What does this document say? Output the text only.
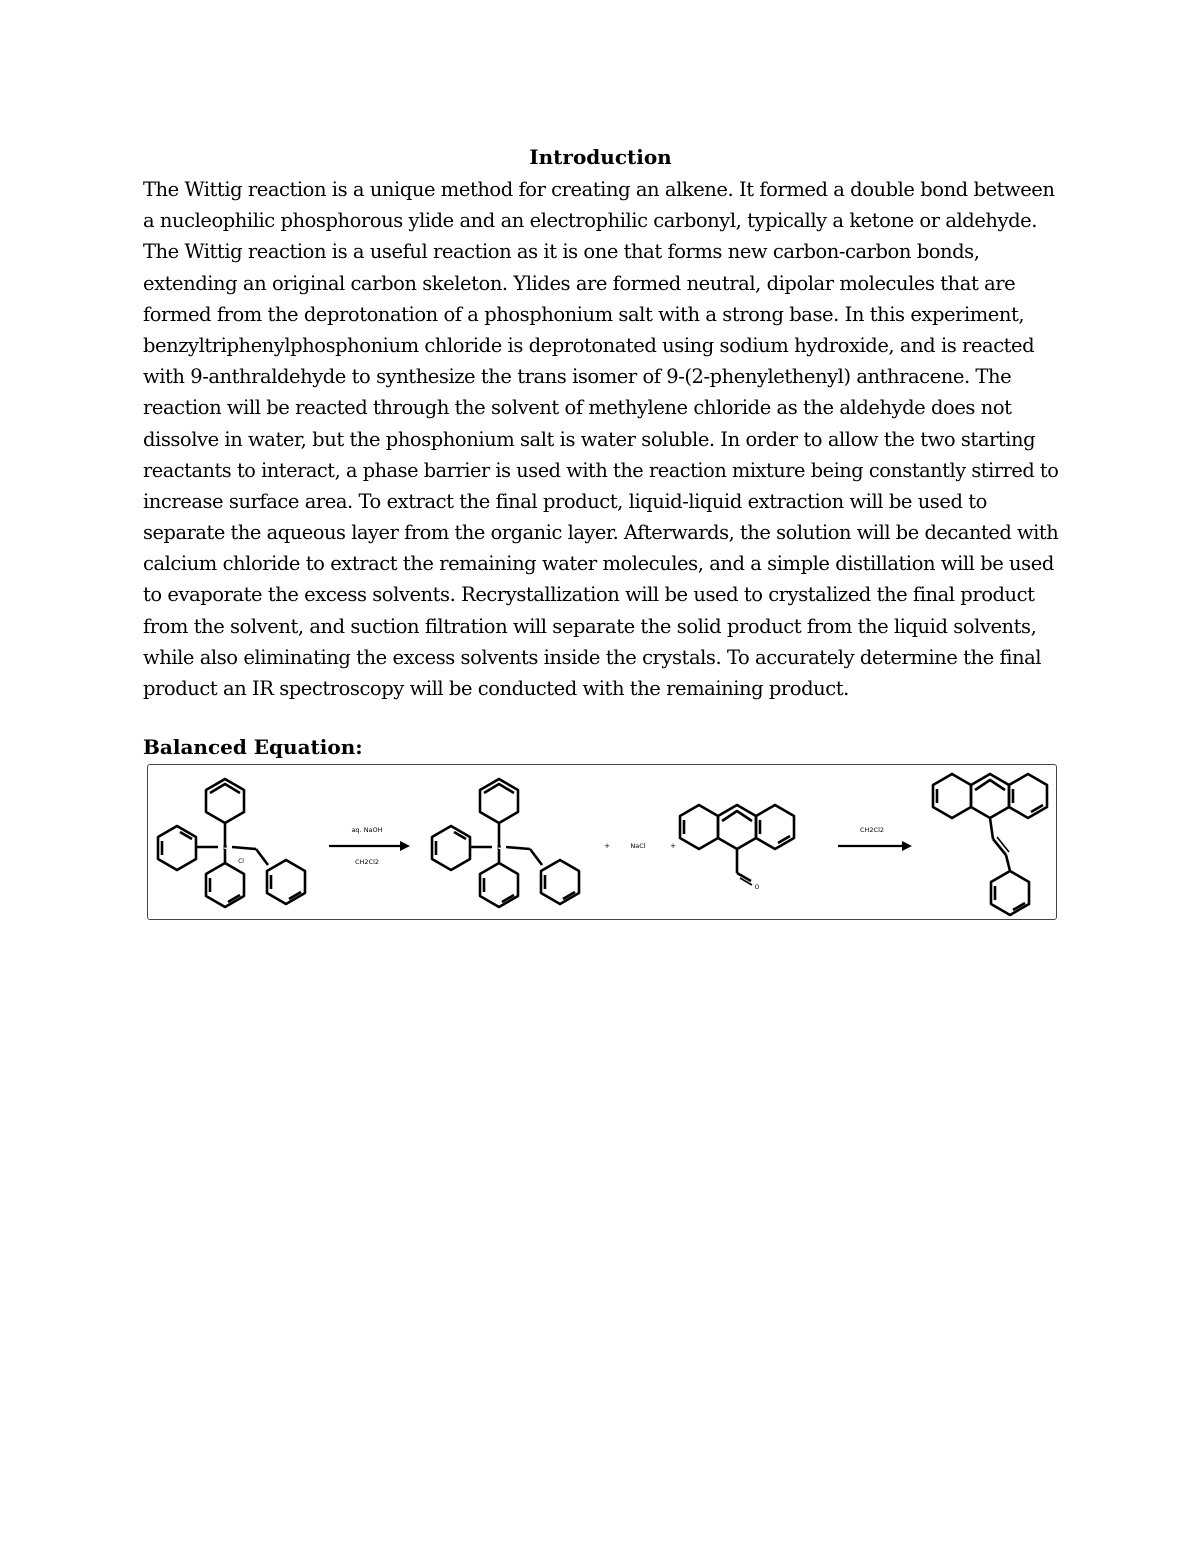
Introduction
The Wittig reaction is a unique method for creating an alkene. It formed a double bond between
a nucleophilic phosphorous ylide and an electrophilic carbonyl, typically a ketone or aldehyde.
The Wittig reaction is a useful reaction as it is one that forms new carbon-carbon bonds,
extending an original carbon skeleton. Ylides are formed neutral, dipolar molecules that are
formed from the deprotonation of a phosphonium salt with a strong base. In this experiment,
benzyltriphenylphosphonium chloride is deprotonated using sodium hydroxide, and is reacted
with 9-anthraldehyde to synthesize the trans isomer of 9-(2-phenylethenyl) anthracene. The
reaction will be reacted through the solvent of methylene chloride as the aldehyde does not
dissolve in water, but the phosphonium salt is water soluble. In order to allow the two starting
reactants to interact, a phase barrier is used with the reaction mixture being constantly stirred to
increase surface area. To extract the final product, liquid-liquid extraction will be used to
separate the aqueous layer from the organic layer. Afterwards, the solution will be decanted with
calcium chloride to extract the remaining water molecules, and a simple distillation will be used
to evaporate the excess solvents. Recrystallization will be used to crystalized the final product
from the solvent, and suction filtration will separate the solid product from the liquid solvents,
while also eliminating the excess solvents inside the crystals. To accurately determine the final
product an IR spectroscopy will be conducted with the remaining product.
Balanced Equation:
P
Cl
aq. NaOH
CH2Cl2
P	+	NaCl	+
O
CH2Cl2
